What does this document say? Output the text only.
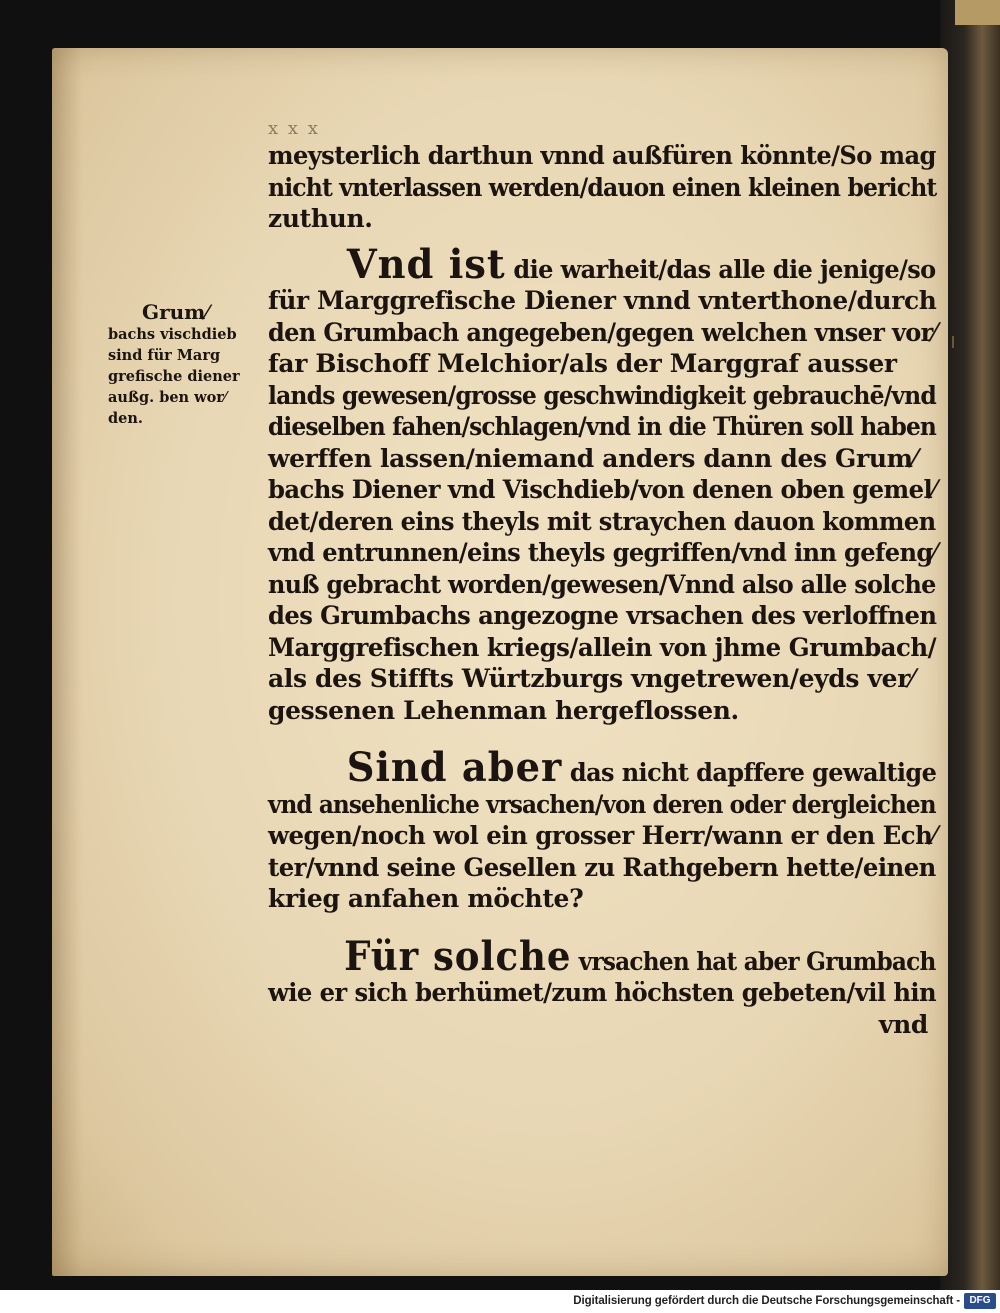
x x x
Grum⁄
bachs vischdieb
sind für Marg
grefische diener
außg. ben wor⁄
den.
meysterlich darthun vnnd außfüren könnte/So mag
nicht vnterlassen werden/dauon einen kleinen bericht
zuthun.
Vnd ist die warheit/das alle die jenige/so
für Marggrefische Diener vnnd vnterthone/durch
den Grumbach angegeben/gegen welchen vnser vor⁄
far Bischoff Melchior/als der Marggraf ausser
lands gewesen/grosse geschwindigkeit gebrauchē/vnd
dieselben fahen/schlagen/vnd in die Thüren soll haben
werffen lassen/niemand anders dann des Grum⁄
bachs Diener vnd Vischdieb/von denen oben gemel⁄
det/deren eins theyls mit straychen dauon kommen
vnd entrunnen/eins theyls gegriffen/vnd inn gefeng⁄
nuß gebracht worden/gewesen/Vnnd also alle solche
des Grumbachs angezogne vrsachen des verloffnen
Marggrefischen kriegs/allein von jhme Grumbach/
als des Stiffts Würtzburgs vngetrewen/eyds ver⁄
gessenen Lehenman hergeflossen.
Sind aber das nicht dapffere gewaltige
vnd ansehenliche vrsachen/von deren oder dergleichen
wegen/noch wol ein grosser Herr/wann er den Ech⁄
ter/vnnd seine Gesellen zu Rathgebern hette/einen
krieg anfahen möchte?
Für solche vrsachen hat aber Grumbach
wie er sich berhümet/zum höchsten gebeten/vil hin
vnd
Digitalisierung gefördert durch die Deutsche Forschungsgemeinschaft - DFG
